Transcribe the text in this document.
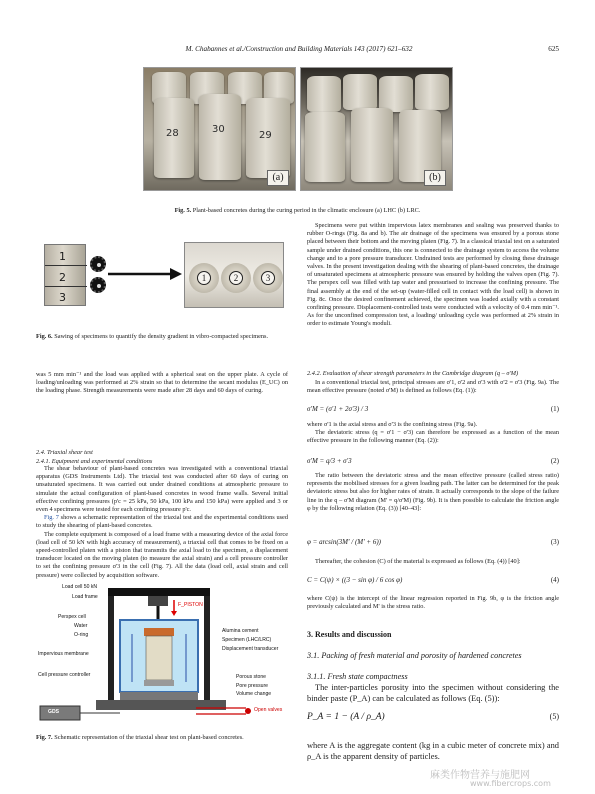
M. Chabannes et al./Construction and Building Materials 143 (2017) 621–632	625
28	30
29
(a)	(b)
Fig. 5. Plant-based concretes during the curing period in the climatic enclosure (a) LHC (b) LRC.
1
2
3
1	2	3
Fig. 6. Sawing of specimens to quantify the density gradient in vibro-compacted specimens.

was 5 mm min⁻¹ and the load was applied with a spherical seat on the upper plate. A cycle of loading/unloading was performed at 2% strain so that to determine the secant modulus (E_UC) on the loading phase. Strength measurements were made after 28 days and 60 days of curing.

2.4. Triaxial shear test
2.4.1. Equipment and experimental conditions

The shear behaviour of plant-based concretes was investigated with a conventional triaxial apparatus (GDS Instruments Ltd). The triaxial test was conducted after 60 days of curing on unsaturated specimens. It was carried out under drained conditions at atmospheric pressure to simulate the actual configuration of plant-based concretes in wood frame walls. Several initial effective confining pressures (p'c = 25 kPa, 50 kPa, 100 kPa and 150 kPa) were applied and 3 or even 4 specimens were tested for each confining pressure p'c.

Fig. 7 shows a schematic representation of the triaxial test and the experimental conditions used to study the shearing of plant-based concretes.

The complete equipment is composed of a load frame with a measuring device of the axial force (load cell of 50 kN with high accuracy of measurement), a triaxial cell that comes to be fixed on a speed-controlled platen with a piston that transmits the axial load to the specimen, a displacement transducer located on the moving platen (to measure the axial strain) and a cell pressure controller to set the confining pressure σ'3 in the cell (Fig. 7). All the data (load cell, axial strain and cell pressure) were collected by acquisition software.

Load cell 50 kN
Load frame
Perspex cell
Water
O-ring
Impervious membrane
Cell pressure controller
GDS
F_PISTON
Alumina cement
Specimen (LHC/LRC)
Displacement transducer
Porous stone
Pore pressure
Volume change
Open valves
Fig. 7. Schematic representation of the triaxial shear test on plant-based concretes.

Specimens were put within impervious latex membranes and sealing was preserved thanks to rubber O-rings (Fig. 8a and b). The air drainage of the specimens was ensured by a porous stone placed between their bottom and the moving platen (Fig. 7). In a classical triaxial test on a saturated sample under drained conditions, this one is connected to the drainage system to access the volume change and to a pore pressure transducer. Undrained tests are performed by closing these drainage valves. In the present investigation dealing with the shearing of plant-based concretes, the drainage of unsaturated specimens at atmospheric pressure was ensured by holding the valves open (Fig. 7). The perspex cell was filled with tap water and pressurised to increase the confining pressure. The final assembly at the end of the set-up (water-filled cell in contact with the load cell) is shown in Fig. 8c. Once the desired confinement achieved, the specimen was loaded axially with a constant confining pressure. Displacement-controlled tests were conducted with a velocity of 0.4 mm min⁻¹. As for the unconfined compression test, a loading/ unloading cycle was performed at 2% strain in order to estimate Young's moduli.

2.4.2. Evaluation of shear strength parameters in the Cambridge diagram (q – σ'M)

In a conventional triaxial test, principal stresses are σ'1, σ'2 and σ'3 with σ'2 = σ'3 (Fig. 9a). The mean effective pressure (noted σ'M) is defined as follows (Eq. (1)):

σ'M = (σ'1 + 2σ'3) / 3	(1)

where σ'1 is the axial stress and σ'3 is the confining stress (Fig. 9a).

The deviatoric stress (q = σ'1 − σ'3) can therefore be expressed as a function of the mean effective pressure in the following manner (Eq. (2)):

σ'M = q/3 + σ'3	(2)

The ratio between the deviatoric stress and the mean effective pressure (called stress ratio) represents the mobilised stresses for a given loading path. The latter can be determined for the peak deviatoric stress but also for higher rates of strain. It actually corresponds to the slope of the failure line in the q – σ'M diagram (M' = q/σ'M) (Fig. 9b). It is then possible to calculate the friction angle φ by the following relation (Eq. (3)) [40–43]:

φ = arcsin(3M' / (M' + 6))	(3)

Thereafter, the cohesion (C) of the material is expressed as follows (Eq. (4)) [40]:

C = C(ψ) × ((3 − sin φ) / 6 cos φ)	(4)

where C(ψ) is the intercept of the linear regression reported in Fig. 9b, φ is the friction angle previously calculated and M' is the stress ratio.

3. Results and discussion
3.1. Packing of fresh material and porosity of hardened concretes
3.1.1. Fresh state compactness

The inter-particles porosity into the specimen without considering the binder paste (P_A) can be calculated as follows (Eq. (5)):

P_A = 1 − (A / ρ_A)	(5)

where A is the aggregate content (kg in a cubic meter of concrete mix) and ρ_A is the apparent density of particles.

麻类作物营养与施肥网
www.fibercrops.com
